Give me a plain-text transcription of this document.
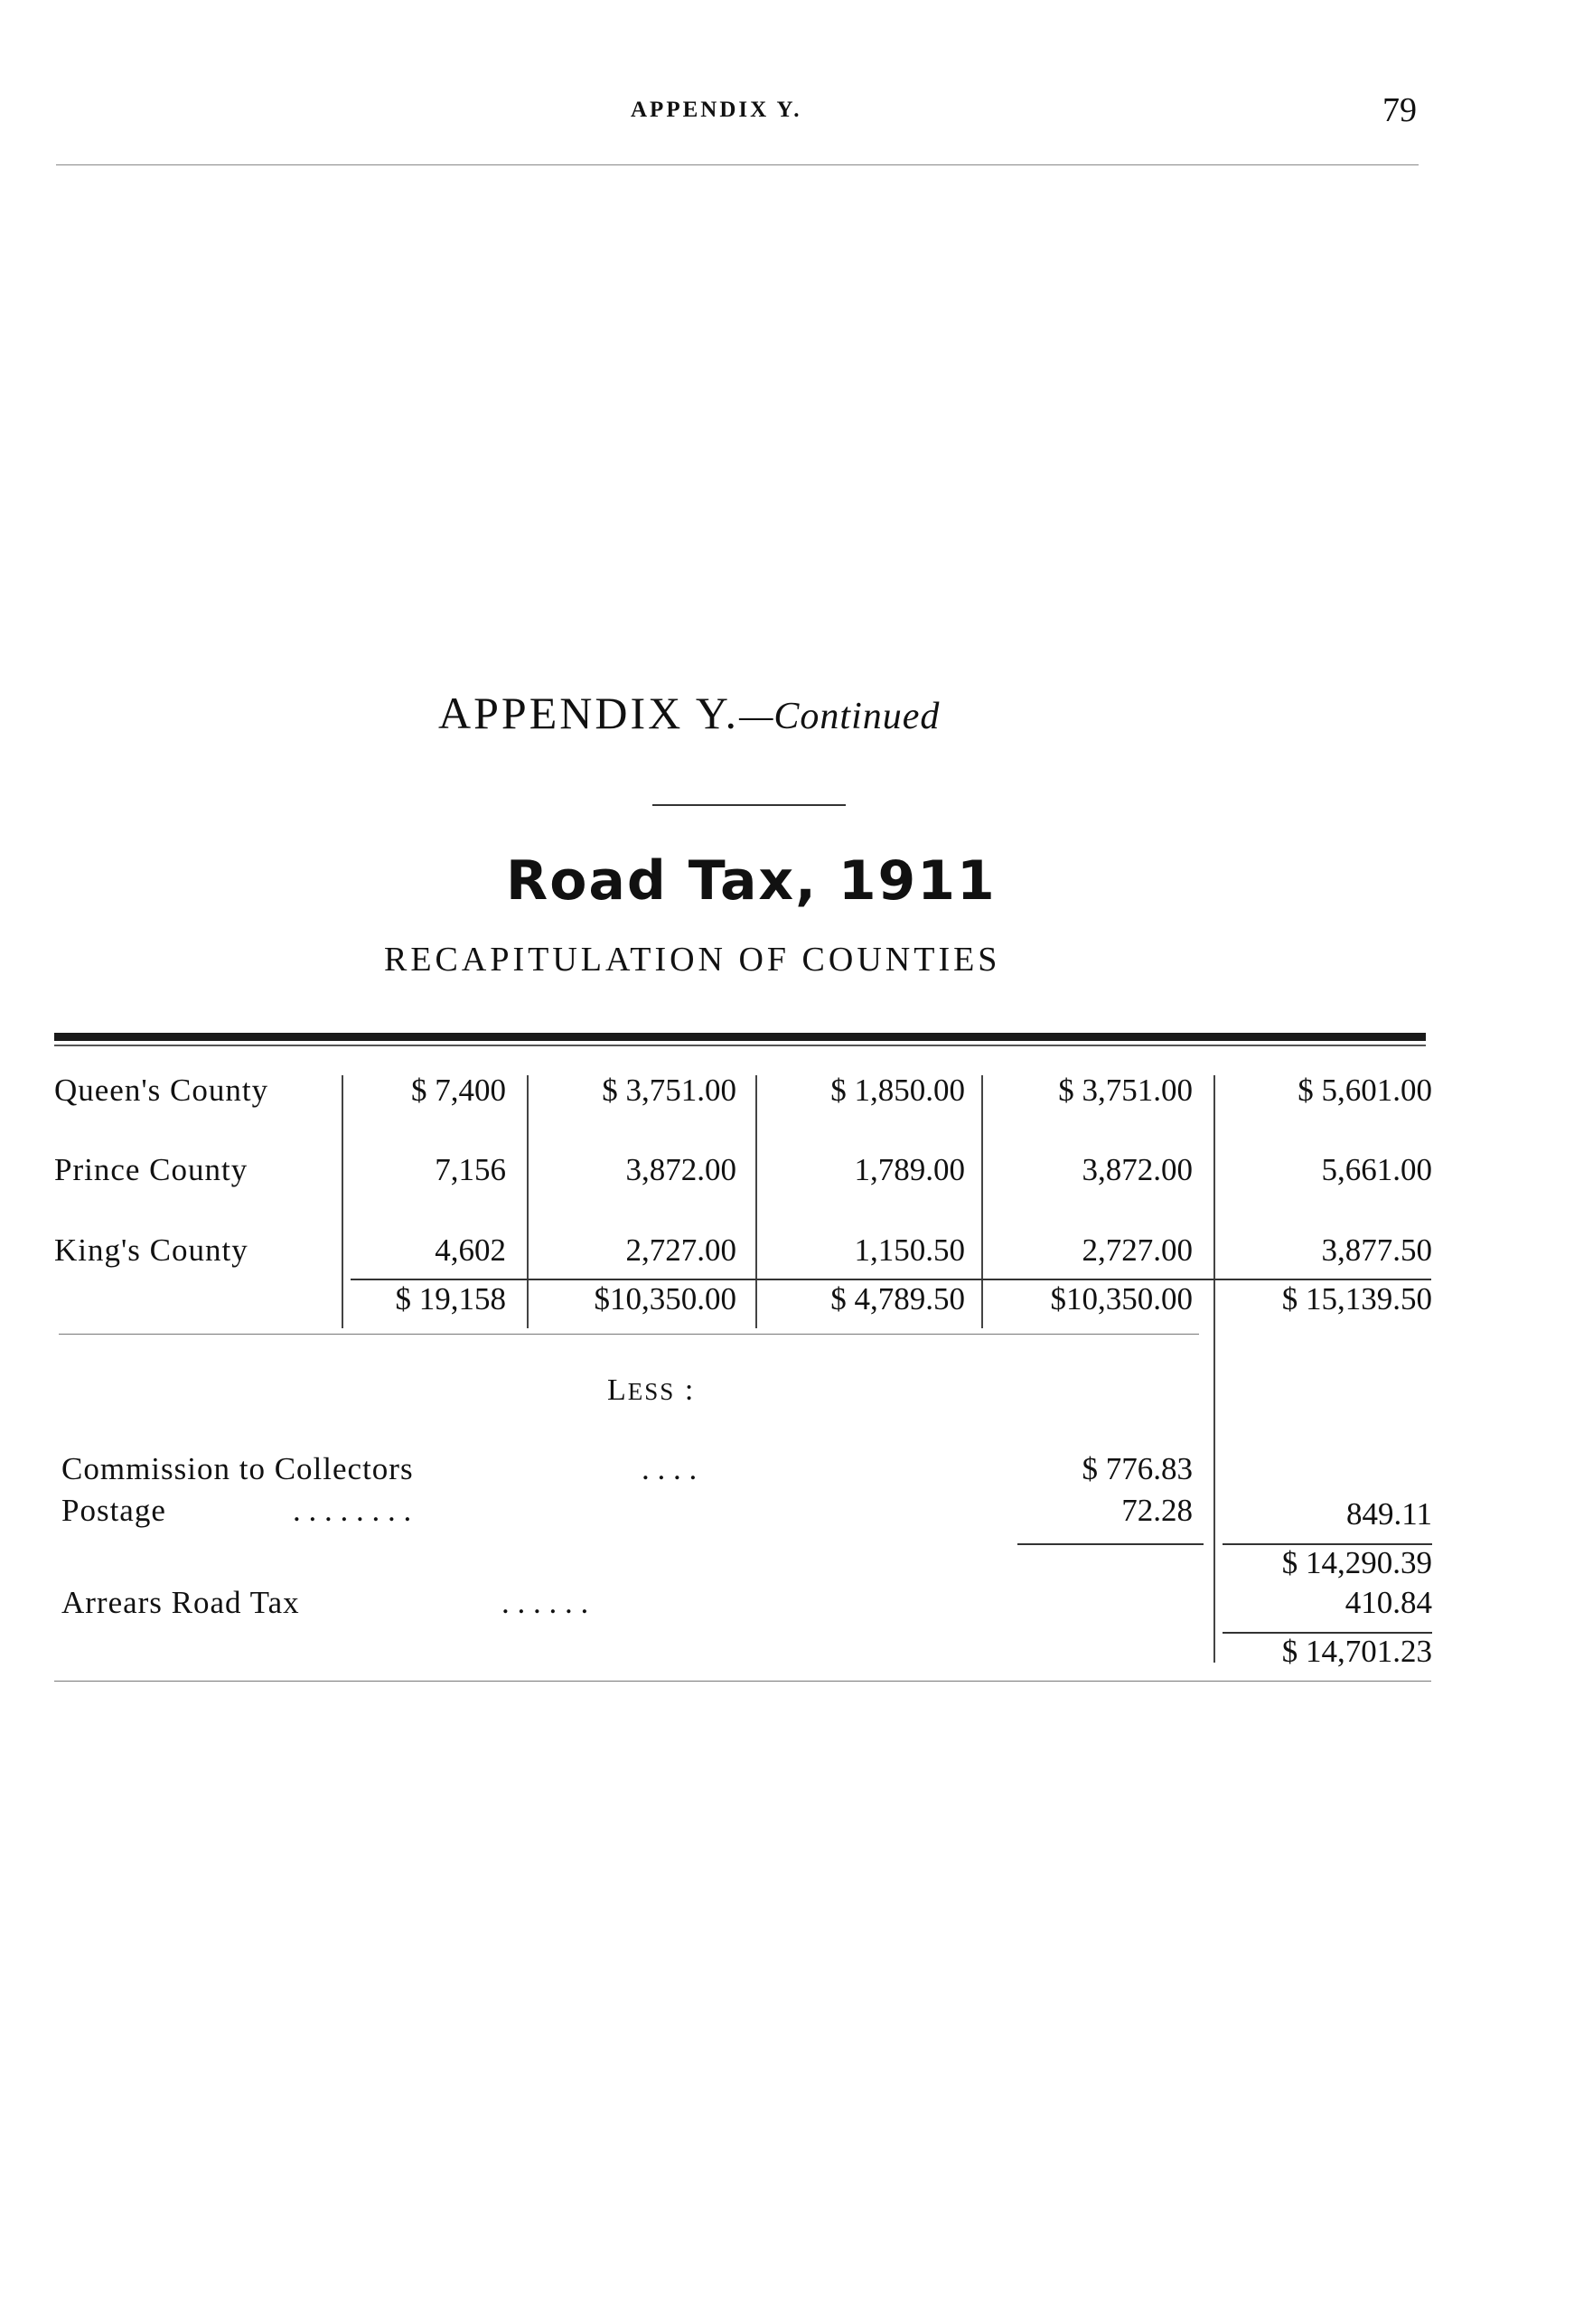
APPENDIX Y.	79
APPENDIX Y.—Continued
Road Tax, 1911
RECAPITULATION OF COUNTIES
Queen's County	$ 7,400	$ 3,751.00	$ 1,850.00	$ 3,751.00	$ 5,601.00
Prince County	7,156	3,872.00	1,789.00	3,872.00	5,661.00
King's County	4,602	2,727.00	1,150.50	2,727.00	3,877.50
$ 19,158	$10,350.00	$ 4,789.50	$10,350.00	$ 15,139.50
LESS :
Commission to Collectors	. . . .	$ 776.83
Postage	. . . . . . . .	72.28	849.11
$ 14,290.39
Arrears Road Tax	. . . . . .	410.84
$ 14,701.23
